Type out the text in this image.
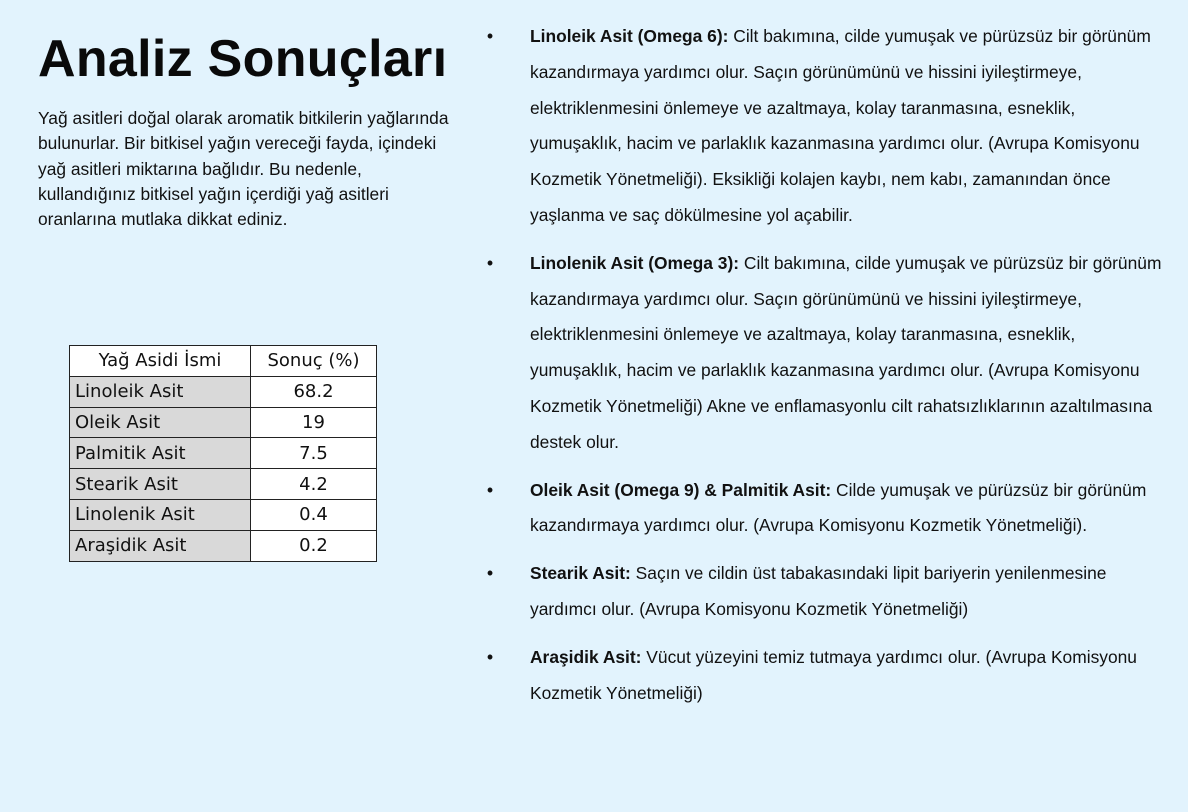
Analiz Sonuçları

Yağ asitleri doğal olarak aromatik bitkilerin yağlarında bulunurlar. Bir bitkisel yağın vereceği fayda, içindeki yağ asitleri miktarına bağlıdır. Bu nedenle, kullandığınız bitkisel yağın içerdiği yağ asitleri oranlarına mutlaka dikkat ediniz.

Yağ Asidi İsmi	Sonuç (%)
Linoleik Asit	68.2
Oleik Asit	19
Palmitik Asit	7.5
Stearik Asit	4.2
Linolenik Asit	0.4
Araşidik Asit	0.2
•	Linoleik Asit (Omega 6): Cilt bakımına, cilde yumuşak ve pürüzsüz bir görünüm kazandırmaya yardımcı olur. Saçın görünümünü ve hissini iyileştirmeye, elektriklenmesini önlemeye ve azaltmaya, kolay taranmasına, esneklik, yumuşaklık, hacim ve parlaklık kazanmasına yardımcı olur. (Avrupa Komisyonu Kozmetik Yönetmeliği). Eksikliği kolajen kaybı, nem kabı, zamanından önce yaşlanma ve saç dökülmesine yol açabilir.
•	Linolenik Asit (Omega 3): Cilt bakımına, cilde yumuşak ve pürüzsüz bir görünüm kazandırmaya yardımcı olur. Saçın görünümünü ve hissini iyileştirmeye, elektriklenmesini önlemeye ve azaltmaya, kolay taranmasına, esneklik, yumuşaklık, hacim ve parlaklık kazanmasına yardımcı olur. (Avrupa Komisyonu Kozmetik Yönetmeliği) Akne ve enflamasyonlu cilt rahatsızlıklarının azaltılmasına destek olur.
•	Oleik Asit (Omega 9) & Palmitik Asit: Cilde yumuşak ve pürüzsüz bir görünüm kazandırmaya yardımcı olur. (Avrupa Komisyonu Kozmetik Yönetmeliği).
•	Stearik Asit: Saçın ve cildin üst tabakasındaki lipit bariyerin yenilenmesine yardımcı olur. (Avrupa Komisyonu Kozmetik Yönetmeliği)
•	Araşidik Asit: Vücut yüzeyini temiz tutmaya yardımcı olur. (Avrupa Komisyonu Kozmetik Yönetmeliği)
